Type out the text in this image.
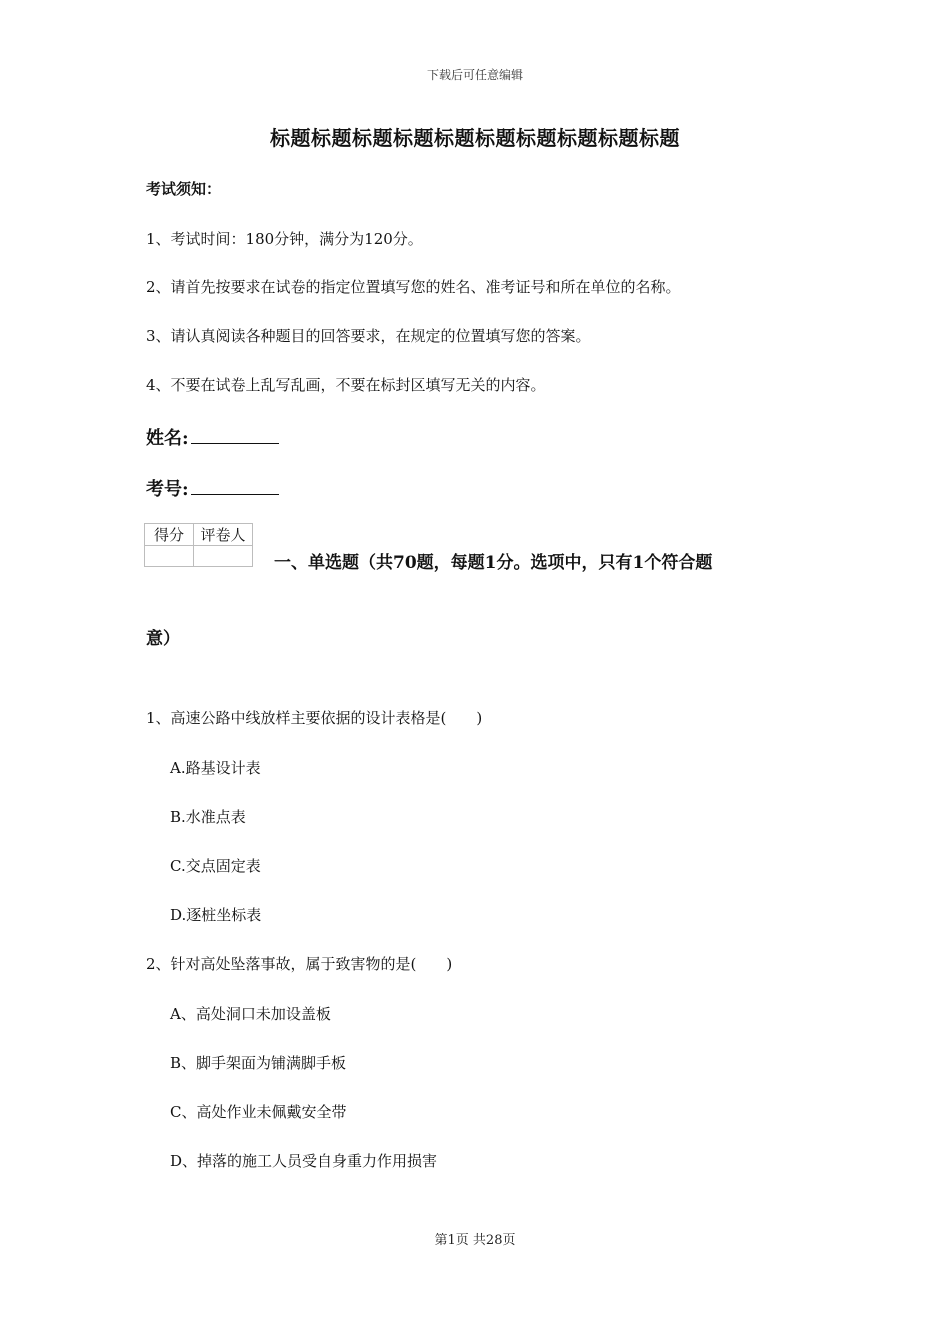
下载后可任意编辑
标题标题标题标题标题标题标题标题标题标题
考试须知：
1、考试时间：180分钟，满分为120分。
2、请首先按要求在试卷的指定位置填写您的姓名、准考证号和所在单位的名称。
3、请认真阅读各种题目的回答要求，在规定的位置填写您的答案。
4、不要在试卷上乱写乱画，不要在标封区填写无关的内容。
姓名:
考号:
得分	评卷人

一、单选题（共70题，每题1分。选项中，只有1个符合题
意）
1、高速公路中线放样主要依据的设计表格是(　　)
A.路基设计表
B.水准点表
C.交点固定表
D.逐桩坐标表
2、针对高处坠落事故，属于致害物的是(　　)
A、高处洞口未加设盖板
B、脚手架面为铺满脚手板
C、高处作业未佩戴安全带
D、掉落的施工人员受自身重力作用损害
第1页 共28页
